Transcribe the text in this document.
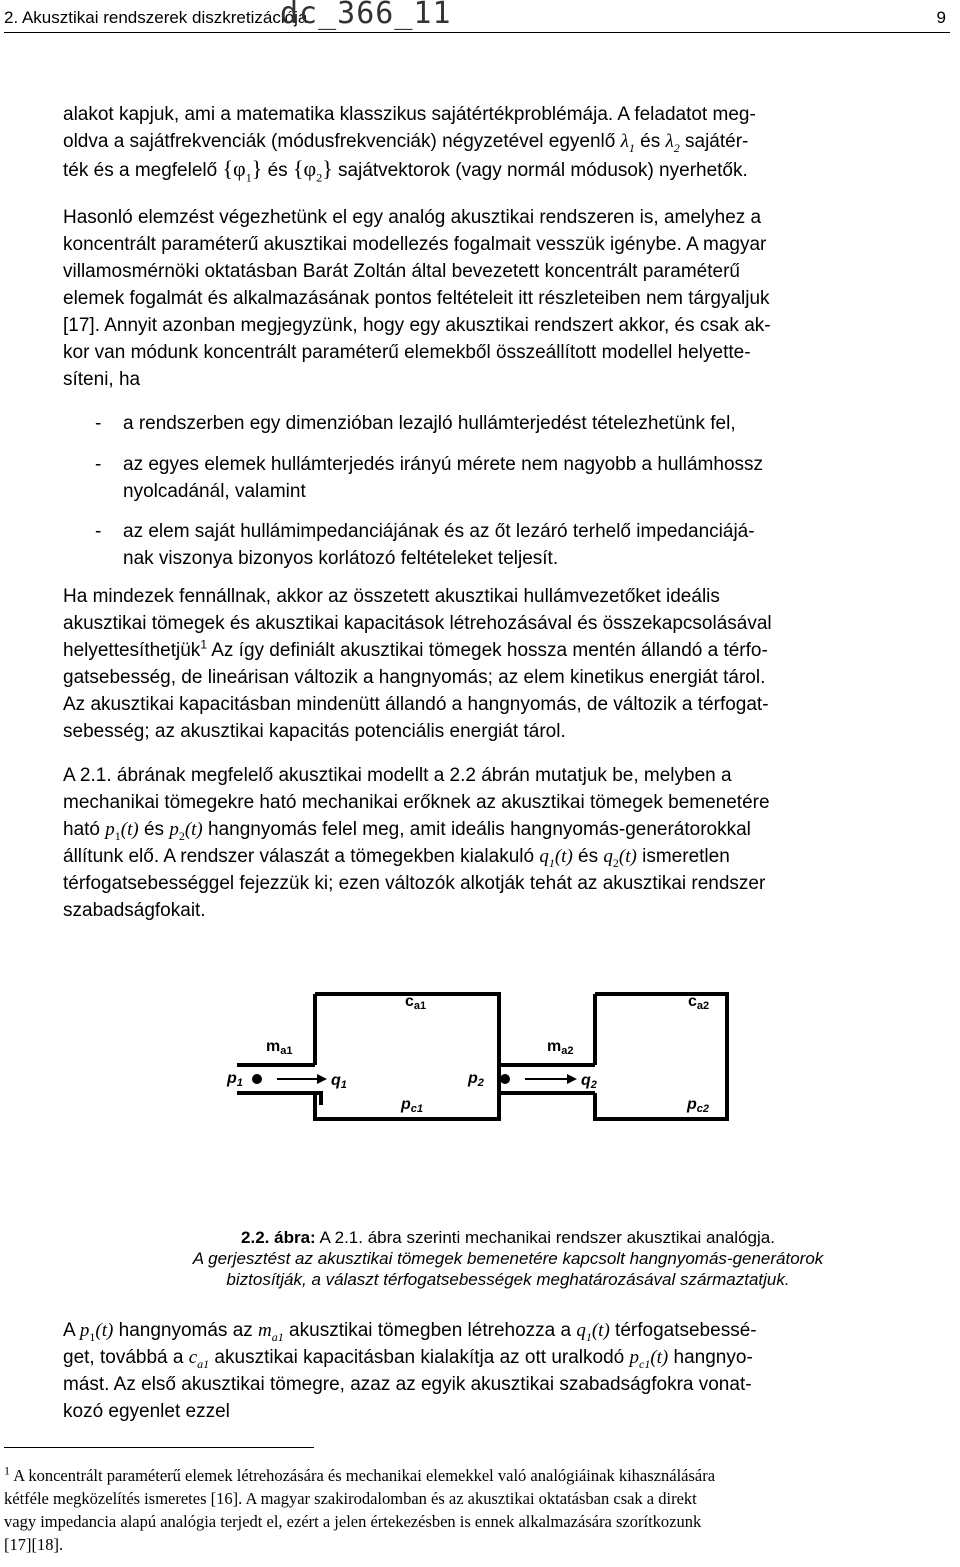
2. Akusztikai rendszerek diszkretizációja
dc_366_11	9
alakot kapjuk, ami a matematika klasszikus sajátértékproblémája. A feladatot meg-
oldva a sajátfrekvenciák (módusfrekvenciák) négyzetével egyenlő $\lambda_1$ és $\lambda_2$ sajátér-
ték és a megfelelő $\{\varphi_1\}$ és $\{\varphi_2\}$ sajátvektorok (vagy normál módusok) nyerhetők.
Hasonló elemzést végezhetünk el egy analóg akusztikai rendszeren is, amelyhez a
koncentrált paraméterű akusztikai modellezés fogalmait vesszük igénybe. A magyar
villamosmérnöki oktatásban Barát Zoltán által bevezetett koncentrált paraméterű
elemek fogalmát és alkalmazásának pontos feltételeit itt részleteiben nem tárgyaljuk
[17]. Annyit azonban megjegyzünk, hogy egy akusztikai rendszert akkor, és csak ak-
kor van módunk koncentrált paraméterű elemekből összeállított modellel helyette-
síteni, ha
- a rendszerben egy dimenzióban lezajló hullámterjedést tételezhetünk fel,
- az egyes elemek hullámterjedés irányú mérete nem nagyobb a hullámhossz
nyolcadánál, valamint
- az elem saját hullámimpedanciájának és az őt lezáró terhelő impedanciájá-
nak viszonya bizonyos korlátozó feltételeket teljesít.
Ha mindezek fennállnak, akkor az összetett akusztikai hullámvezetőket ideális
akusztikai tömegek és akusztikai kapacitások létrehozásával és összekapcsolásával
helyettesíthetjük$^1$ Az így definiált akusztikai tömegek hossza mentén állandó a térfo-
gatsebesség, de lineárisan változik a hangnyomás; az elem kinetikus energiát tárol.
Az akusztikai kapacitásban mindenütt állandó a hangnyomás, de változik a térfogat-
sebesség; az akusztikai kapacitás potenciális energiát tárol.
A 2.1. ábrának megfelelő akusztikai modellt a 2.2 ábrán mutatjuk be, melyben a
mechanikai tömegekre ható mechanikai erőknek az akusztikai tömegek bemenetére
ható $p_1(t)$ és $p_2(t)$ hangnyomás felel meg, amit ideális hangnyomás-generátorokkal
állítunk elő. A rendszer válaszát a tömegekben kialakuló $q_1(t)$ és $q_2(t)$ ismeretlen
térfogatsebességgel fejezzük ki; ezen változók alkotják tehát az akusztikai rendszer
szabadságfokait.
ca1	ca2
ma1	ma2
p1	p2
q1	q2
pc1	pc2
2.2. ábra: A 2.1. ábra szerinti mechanikai rendszer akusztikai analógja.
A gerjesztést az akusztikai tömegek bemenetére kapcsolt hangnyomás-generátorok
biztosítják, a választ térfogatsebességek meghatározásával származtatjuk.
A $p_1(t)$ hangnyomás az $m_{a1}$ akusztikai tömegben létrehozza a $q_1(t)$ térfogatsebessé-
get, továbbá a $c_{a1}$ akusztikai kapacitásban kialakítja az ott uralkodó $p_{c1}(t)$ hangnyo-
mást. Az első akusztikai tömegre, azaz az egyik akusztikai szabadságfokra vonat-
kozó egyenlet ezzel
$^1$ A koncentrált paraméterű elemek létrehozására és mechanikai elemekkel való analógiáinak kihasználására
kétféle megközelítés ismeretes [16]. A magyar szakirodalomban és az akusztikai oktatásban csak a direkt
vagy impedancia alapú analógia terjedt el, ezért a jelen értekezésben is ennek alkalmazására szorítkozunk
[17][18].
